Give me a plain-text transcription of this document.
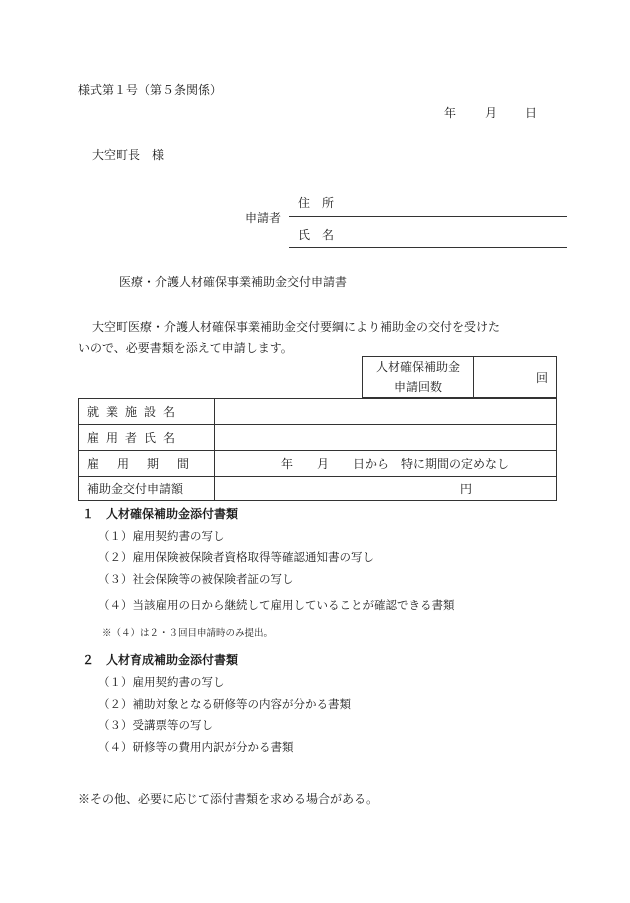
様式第１号（第５条関係）
年 月 日
大空町長　様
申請者
住　所
氏　名
医療・介護人材確保事業補助金交付申請書
大空町医療・介護人材確保事業補助金交付要綱により補助金の交付を受けた
いので、必要書類を添えて申請します。
人材確保補助金
申請回数
	回
就業施設名	
雇用者氏名	
雇用期間	年　　月　　日から　特に期間の定めなし
補助金交付申請額	円
１　人材確保補助金添付書類
（１）雇用契約書の写し
（２）雇用保険被保険者資格取得等確認通知書の写し
（３）社会保険等の被保険者証の写し
（４）当該雇用の日から継続して雇用していることが確認できる書類
※（４）は２・３回目申請時のみ提出。
２　人材育成補助金添付書類
（１）雇用契約書の写し
（２）補助対象となる研修等の内容が分かる書類
（３）受講票等の写し
（４）研修等の費用内訳が分かる書類
※その他、必要に応じて添付書類を求める場合がある。
